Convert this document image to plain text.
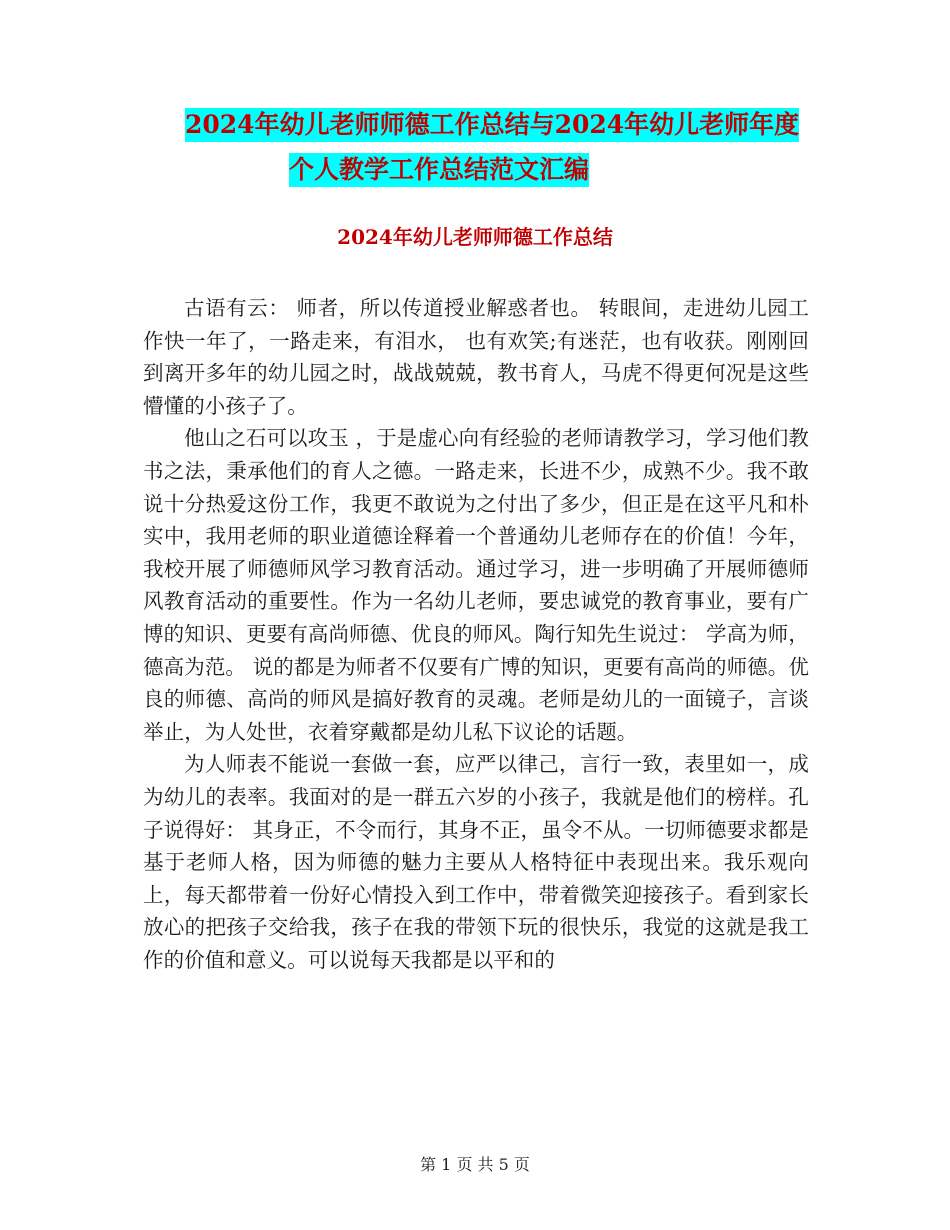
2024年幼儿老师师德工作总结与2024年幼儿老师年度
个人教学工作总结范文汇编
2024年幼儿老师师德工作总结

古语有云： 师者，所以传道授业解惑者也。 转眼间，走进幼儿园工作快一年了，一路走来，有泪水， 也有欢笑;有迷茫，也有收获。刚刚回到离开多年的幼儿园之时，战战兢兢，教书育人，马虎不得更何况是这些懵懂的小孩子了。

他山之石可以攻玉 ，于是虚心向有经验的老师请教学习，学习他们教书之法，秉承他们的育人之德。一路走来，长进不少，成熟不少。我不敢说十分热爱这份工作，我更不敢说为之付出了多少，但正是在这平凡和朴实中，我用老师的职业道德诠释着一个普通幼儿老师存在的价值！今年，我校开展了师德师风学习教育活动。通过学习，进一步明确了开展师德师风教育活动的重要性。作为一名幼儿老师，要忠诚党的教育事业，要有广博的知识、更要有高尚师德、优良的师风。陶行知先生说过： 学高为师，德高为范。 说的都是为师者不仅要有广博的知识，更要有高尚的师德。优良的师德、高尚的师风是搞好教育的灵魂。老师是幼儿的一面镜子，言谈举止，为人处世，衣着穿戴都是幼儿私下议论的话题。

为人师表不能说一套做一套，应严以律己，言行一致，表里如一，成为幼儿的表率。我面对的是一群五六岁的小孩子，我就是他们的榜样。孔子说得好： 其身正，不令而行，其身不正，虽令不从。一切师德要求都是基于老师人格，因为师德的魅力主要从人格特征中表现出来。我乐观向上，每天都带着一份好心情投入到工作中，带着微笑迎接孩子。看到家长放心的把孩子交给我，孩子在我的带领下玩的很快乐，我觉的这就是我工作的价值和意义。可以说每天我都是以平和的

第 1 页 共 5 页
